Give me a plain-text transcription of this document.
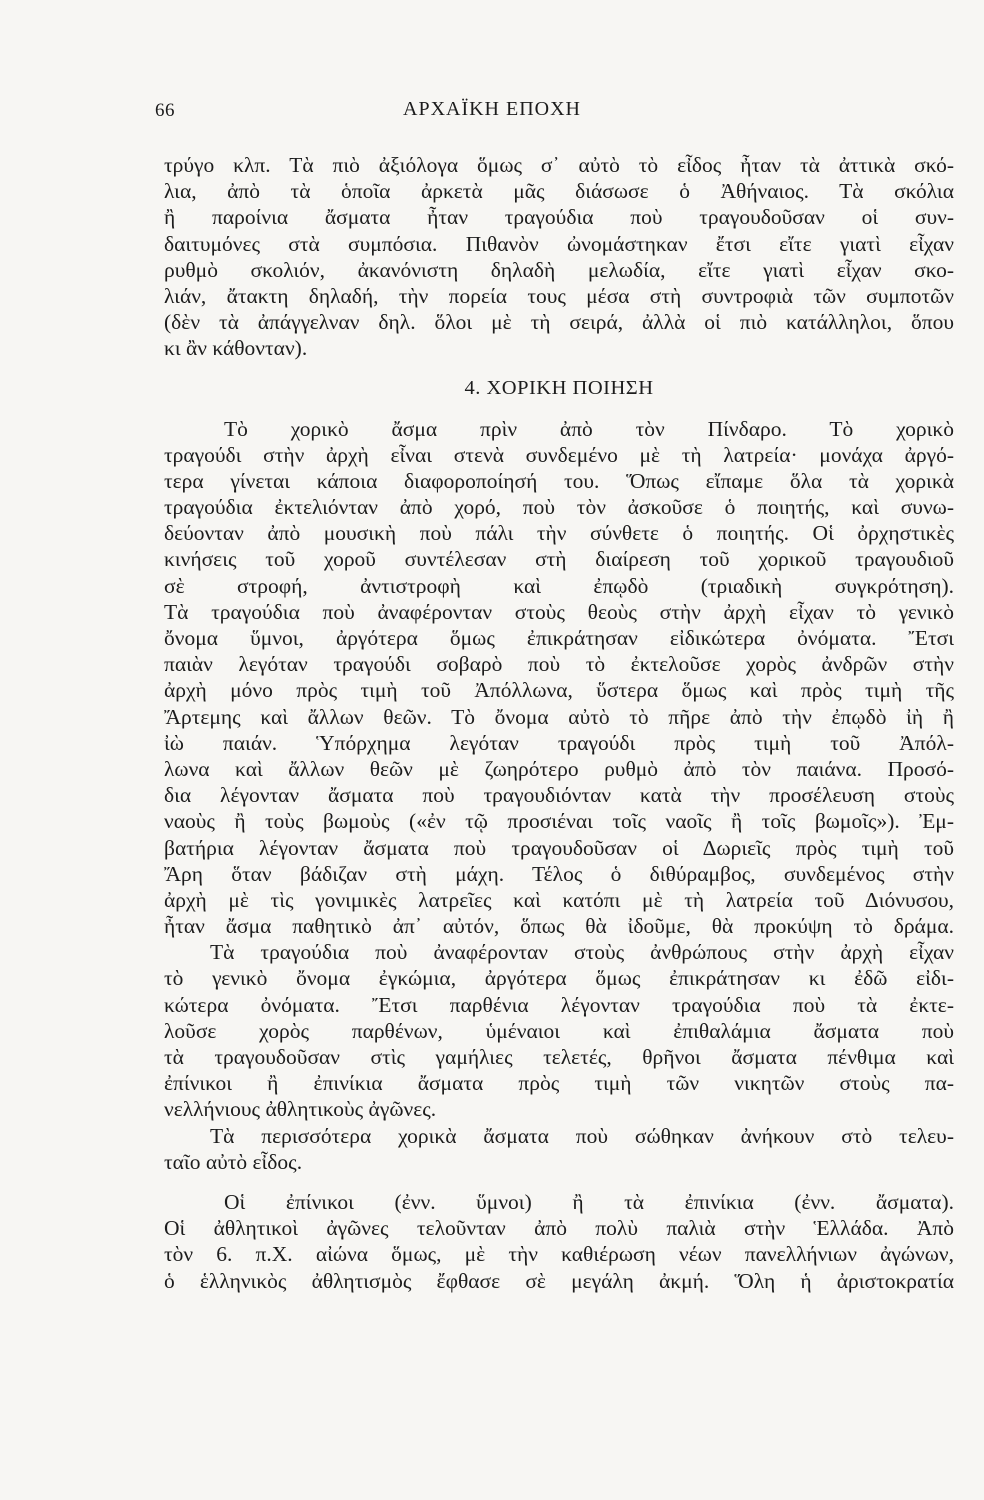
66	ΑΡΧΑΪΚΗ ΕΠΟΧΗ
τρύγο κλπ. Τὰ πιὸ ἀξιόλογα ὅμως σ᾽ αὐτὸ τὸ εἶδος ἦταν τὰ ἀττικὰ σκό-
λια, ἀπὸ τὰ ὁποῖα ἀρκετὰ μᾶς διάσωσε ὁ Ἀθήναιος. Τὰ σκόλια
ἢ παροίνια ἄσματα ἦταν τραγούδια ποὺ τραγουδοῦσαν οἱ συν-
δαιτυμόνες στὰ συμπόσια. Πιθανὸν ὠνομάστηκαν ἔτσι εἴτε γιατὶ εἶχαν
ρυθμὸ σκολιόν, ἀκανόνιστη δηλαδὴ μελωδία, εἴτε γιατὶ εἶχαν σκο-
λιάν, ἄτακτη δηλαδή, τὴν πορεία τους μέσα στὴ συντροφιὰ τῶν συμποτῶν
(δὲν τὰ ἀπάγγελναν δηλ. ὅλοι μὲ τὴ σειρά, ἀλλὰ οἱ πιὸ κατάλληλοι, ὅπου
κι ἂν κάθονταν).
4. ΧΟΡΙΚΗ ΠΟΙΗΣΗ
Τὸ χορικὸ ἄσμα πρὶν ἀπὸ τὸν Πίνδαρο. Τὸ χορικὸ
τραγούδι στὴν ἀρχὴ εἶναι στενὰ συνδεμένο μὲ τὴ λατρεία· μονάχα ἀργό-
τερα γίνεται κάποια διαφοροποίησή του. Ὅπως εἴπαμε ὅλα τὰ χορικὰ
τραγούδια ἐκτελιόνταν ἀπὸ χορό, ποὺ τὸν ἀσκοῦσε ὁ ποιητής, καὶ συνω-
δεύονταν ἀπὸ μουσικὴ ποὺ πάλι τὴν σύνθετε ὁ ποιητής. Οἱ ὀρχηστικὲς
κινήσεις τοῦ χοροῦ συντέλεσαν στὴ διαίρεση τοῦ χορικοῦ τραγουδιοῦ
σὲ στροφή, ἀντιστροφὴ καὶ ἐπῳδὸ (τριαδικὴ συγκρότηση).
Τὰ τραγούδια ποὺ ἀναφέρονταν στοὺς θεοὺς στὴν ἀρχὴ εἶχαν τὸ γενικὸ
ὄνομα ὕμνοι, ἀργότερα ὅμως ἐπικράτησαν εἰδικώτερα ὀνόματα. Ἔτσι
παιὰν λεγόταν τραγούδι σοβαρὸ ποὺ τὸ ἐκτελοῦσε χορὸς ἀνδρῶν στὴν
ἀρχὴ μόνο πρὸς τιμὴ τοῦ Ἀπόλλωνα, ὕστερα ὅμως καὶ πρὸς τιμὴ τῆς
Ἄρτεμης καὶ ἄλλων θεῶν. Τὸ ὄνομα αὐτὸ τὸ πῆρε ἀπὸ τὴν ἐπῳδὸ ἰὴ ἢ
ἰὼ παιάν. Ὑπόρχημα λεγόταν τραγούδι πρὸς τιμὴ τοῦ Ἀπόλ-
λωνα καὶ ἄλλων θεῶν μὲ ζωηρότερο ρυθμὸ ἀπὸ τὸν παιάνα. Προσό-
δια λέγονταν ἄσματα ποὺ τραγουδιόνταν κατὰ τὴν προσέλευση στοὺς
ναοὺς ἢ τοὺς βωμοὺς («ἐν τῷ προσιέναι τοῖς ναοῖς ἢ τοῖς βωμοῖς»). Ἐμ-
βατήρια λέγονταν ἄσματα ποὺ τραγουδοῦσαν οἱ Δωριεῖς πρὸς τιμὴ τοῦ
Ἄρη ὅταν βάδιζαν στὴ μάχη. Τέλος ὁ διθύραμβος, συνδεμένος στὴν
ἀρχὴ μὲ τὶς γονιμικὲς λατρεῖες καὶ κατόπι μὲ τὴ λατρεία τοῦ Διόνυσου,
ἦταν ἄσμα παθητικὸ ἀπ᾽ αὐτόν, ὅπως θὰ ἰδοῦμε, θὰ προκύψη τὸ δράμα.
Τὰ τραγούδια ποὺ ἀναφέρονταν στοὺς ἀνθρώπους στὴν ἀρχὴ εἶχαν
τὸ γενικὸ ὄνομα ἐγκώμια, ἀργότερα ὅμως ἐπικράτησαν κι ἐδῶ εἰδι-
κώτερα ὀνόματα. Ἔτσι παρθένια λέγονταν τραγούδια ποὺ τὰ ἐκτε-
λοῦσε χορὸς παρθένων, ὑμέναιοι καὶ ἐπιθαλάμια ἄσματα ποὺ
τὰ τραγουδοῦσαν στὶς γαμήλιες τελετές, θρῆνοι ἄσματα πένθιμα καὶ
ἐπίνικοι ἢ ἐπινίκια ἄσματα πρὸς τιμὴ τῶν νικητῶν στοὺς πα-
νελλήνιους ἀθλητικοὺς ἀγῶνες.
Τὰ περισσότερα χορικὰ ἄσματα ποὺ σώθηκαν ἀνήκουν στὸ τελευ-
ταῖο αὐτὸ εἶδος.
Οἱ ἐπίνικοι (ἐνν. ὕμνοι) ἢ τὰ ἐπινίκια (ἐνν. ἄσματα).
Οἱ ἀθλητικοὶ ἀγῶνες τελοῦνταν ἀπὸ πολὺ παλιὰ στὴν Ἑλλάδα. Ἀπὸ
τὸν 6. π.Χ. αἰώνα ὅμως, μὲ τὴν καθιέρωση νέων πανελλήνιων ἀγώνων,
ὁ ἑλληνικὸς ἀθλητισμὸς ἔφθασε σὲ μεγάλη ἀκμή. Ὅλη ἡ ἀριστοκρατία
